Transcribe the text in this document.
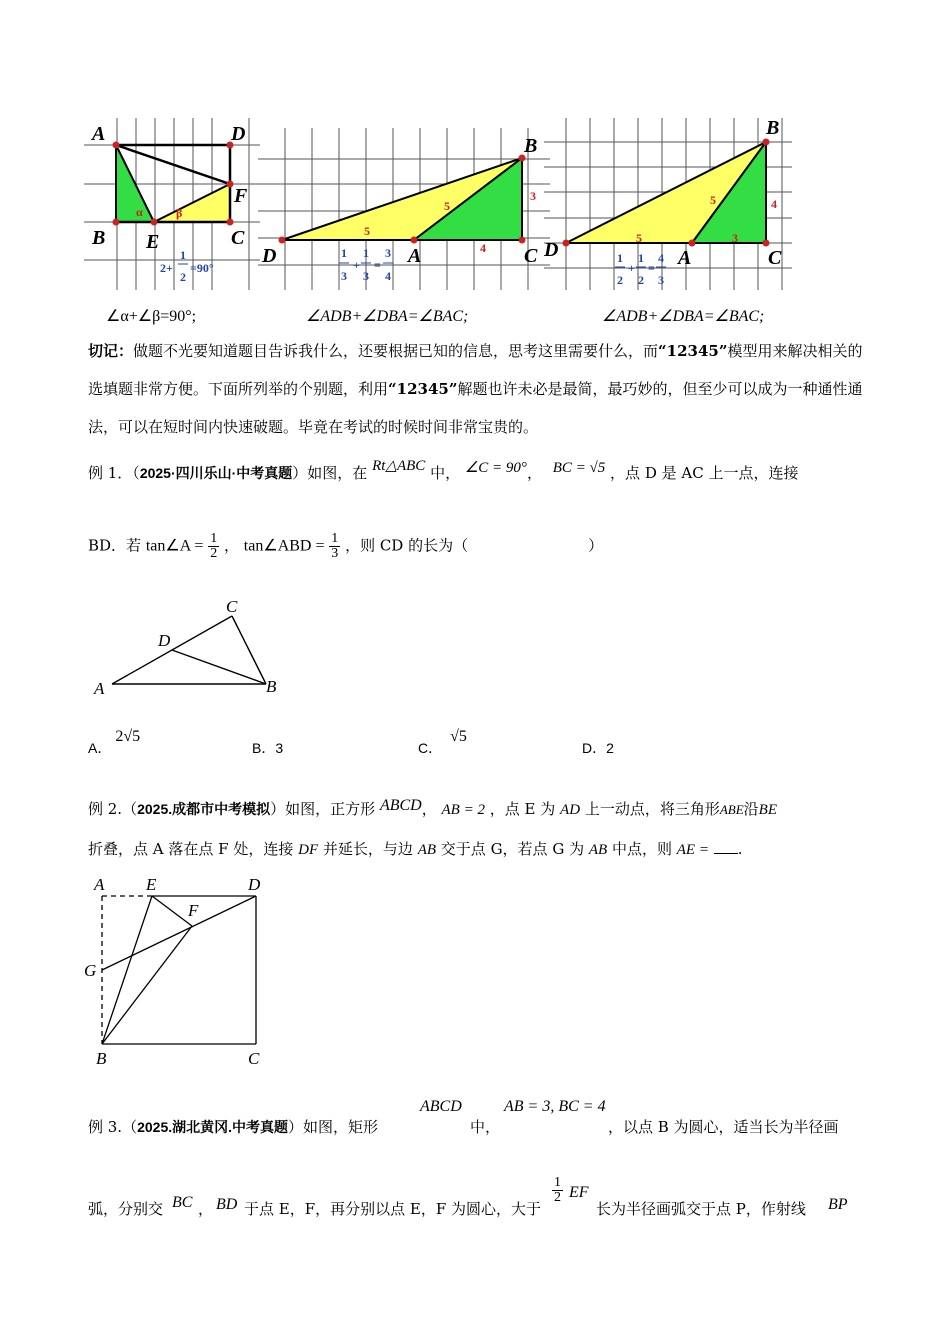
A	D
B E	C
F
α	β
2+
1
2
=90°
B
D	A	C
5
5
3
4
1
3
+
1
3
=
3
4
B
D	A	C
5
5	4
3
1
2
+
1
2
=
4
3
∠α+∠β=90°;	∠ADB+∠DBA=∠BAC;	∠ADB+∠DBA=∠BAC;
切记：做题不光要知道题目告诉我什么，还要根据已知的信息，思考这里需要什么，而“12345”模型用来解决相关的选填题非常方便。下面所列举的个别题，利用“12345”解题也许未必是最简，最巧妙的，但至少可以成为一种通性通法，可以在短时间内快速破题。毕竟在考试的时候时间非常宝贵的。
例 1．（2025·四川乐山·中考真题）如图，在 Rt△ABC 中， ∠C = 90°， BC = √5 ，点 D 是 AC 上一点，连接
BD．若 tan∠A = $\frac{1}{2}$ ， tan∠ABD = $\frac{1}{3}$ ，则 CD 的长为（	）
C
D
A	B
A．2√5
B．3	C．√5
D．2
例 2.（2025.成都市中考模拟）如图，正方形 ABCD， AB = 2 ，点 E 为 AD 上一动点，将三角形ABE沿BE
折叠，点 A 落在点 F 处，连接 DF 并延长，与边 AB 交于点 G，若点 G 为 AB 中点，则 AE = .
A E	D
F
G
B	C
例 3.（2025.湖北黄冈.中考真题）如图，矩形
ABCD
中，
AB = 3, BC = 4
，以点 B 为圆心，适当长为半径画
弧，分别交 BC ， BD 于点 E，F，再分别以点 E，F 为圆心，大于
$\frac{1}{2}$ EF
长为半径画弧交于点 P，作射线 BP
